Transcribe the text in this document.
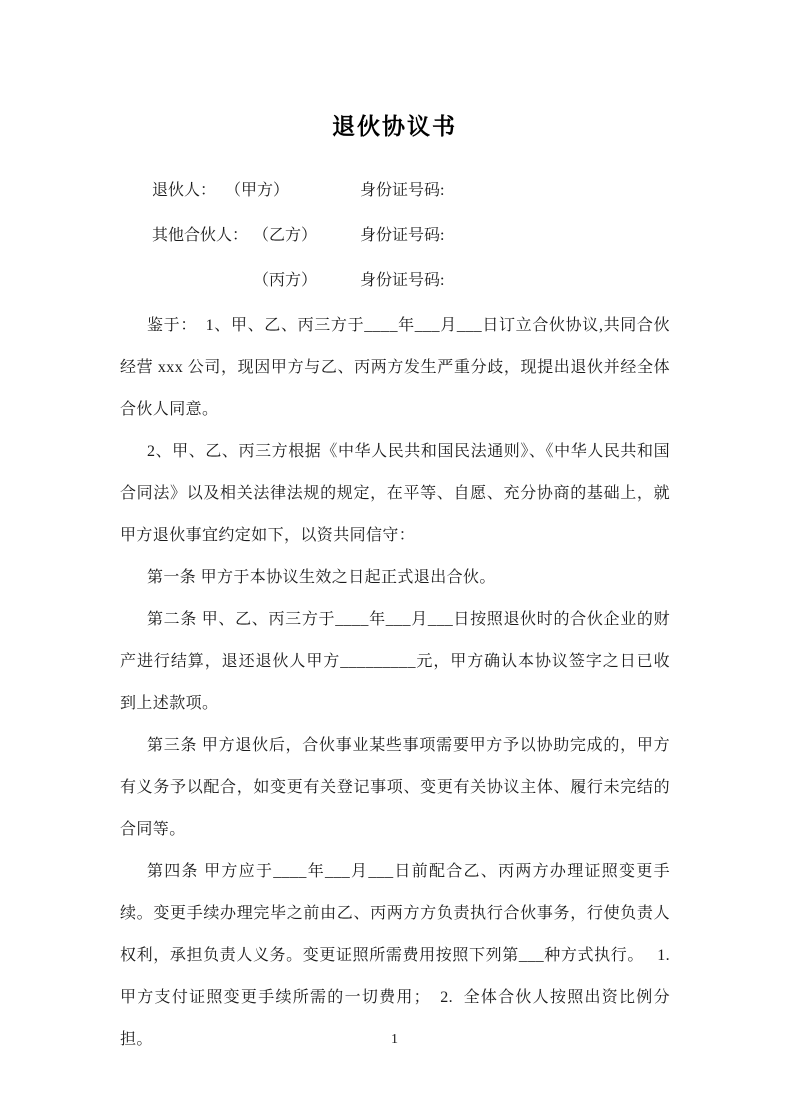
退伙协议书
退伙人： （甲方）	身份证号码:
其他合伙人： （乙方）	身份证号码:
（丙方）	身份证号码:

鉴于：　1、甲、乙、丙三方于____年___月___日订立合伙协议,共同合伙经营 xxx 公司，现因甲方与乙、丙两方发生严重分歧，现提出退伙并经全体合伙人同意。

2、甲、乙、丙三方根据《中华人民共和国民法通则》、《中华人民共和国合同法》以及相关法律法规的规定，在平等、自愿、充分协商的基础上，就甲方退伙事宜约定如下，以资共同信守：

第一条 甲方于本协议生效之日起正式退出合伙。

第二条 甲、乙、丙三方于____年___月___日按照退伙时的合伙企业的财产进行结算，退还退伙人甲方_________元，甲方确认本协议签字之日已收到上述款项。

第三条 甲方退伙后，合伙事业某些事项需要甲方予以协助完成的，甲方有义务予以配合，如变更有关登记事项、变更有关协议主体、履行未完结的合同等。

第四条 甲方应于____年___月___日前配合乙、丙两方办理证照变更手续。变更手续办理完毕之前由乙、丙两方方负责执行合伙事务，行使负责人权利，承担负责人义务。变更证照所需费用按照下列第___种方式执行。　 1.  甲方支付证照变更手续所需的一切费用；　2.  全体合伙人按照出资比例分担。	1
